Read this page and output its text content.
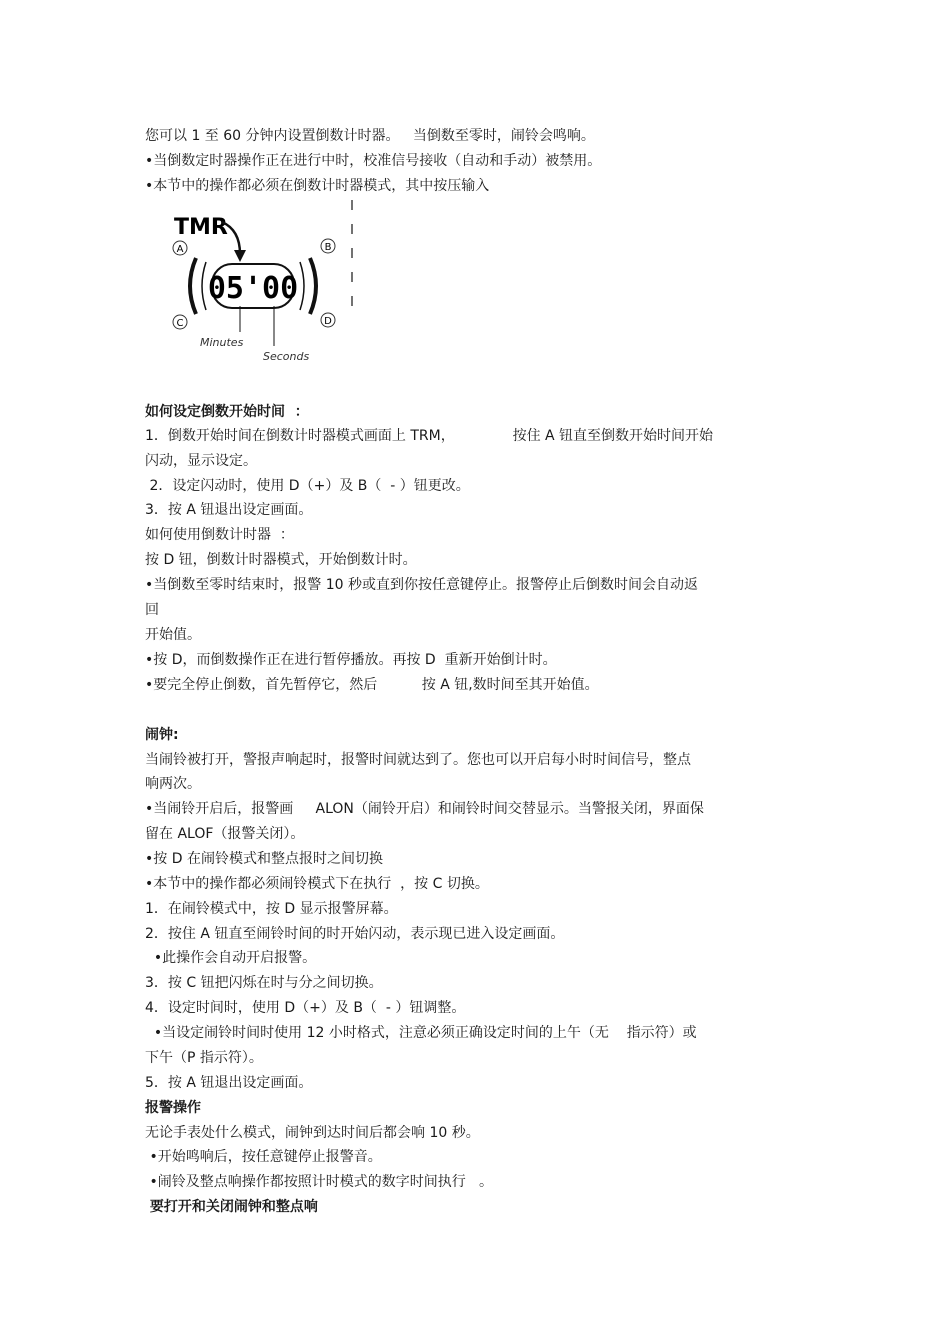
您可以 1 至 60 分钟内设置倒数计时器。   当倒数至零时，闹铃会鸣响。
•当倒数定时器操作正在进行中时，校准信号接收（自动和手动）被禁用。
•本节中的操作都必须在倒数计时器模式，其中按压输入
TMR
A	B
C	D
05'00
Minutes
Seconds
如何设定倒数开始时间  ：
1．倒数开始时间在倒数计时器模式画面上 TRM，             按住 A 钮直至倒数开始时间开始
闪动，显示设定。
2．设定闪动时，使用 D（+）及 B（  - ）钮更改。
3．按 A 钮退出设定画面。
如何使用倒数计时器  ：
按 D 钮，倒数计时器模式，开始倒数计时。
•当倒数至零时结束时，报警 10 秒或直到你按任意键停止。报警停止后倒数时间会自动返
回
开始值。
•按 D，而倒数操作正在进行暂停播放。再按 D  重新开始倒计时。
•要完全停止倒数，首先暂停它，然后          按 A 钮,数时间至其开始值。
闹钟:
当闹铃被打开，警报声响起时，报警时间就达到了。您也可以开启每小时时间信号，整点
响两次。
•当闹铃开启后，报警画     ALON（闹铃开启）和闹铃时间交替显示。当警报关闭，界面保
留在 ALOF（报警关闭）。
•按 D 在闹铃模式和整点报时之间切换
•本节中的操作都必须闹铃模式下在执行  ，按 C 切换。
1．在闹铃模式中，按 D 显示报警屏幕。
2．按住 A 钮直至闹铃时间的时开始闪动，表示现已进入设定画面。
•此操作会自动开启报警。
3．按 C 钮把闪烁在时与分之间切换。
4．设定时间时，使用 D（+）及 B（  - ）钮调整。
•当设定闹铃时间时使用 12 小时格式，注意必须正确设定时间的上午（无    指示符）或
下午（P 指示符）。
5．按 A 钮退出设定画面。
报警操作
无论手表处什么模式，闹钟到达时间后都会响 10 秒。
•开始鸣响后，按任意键停止报警音。
•闹铃及整点响操作都按照计时模式的数字时间执行   。
要打开和关闭闹钟和整点响
